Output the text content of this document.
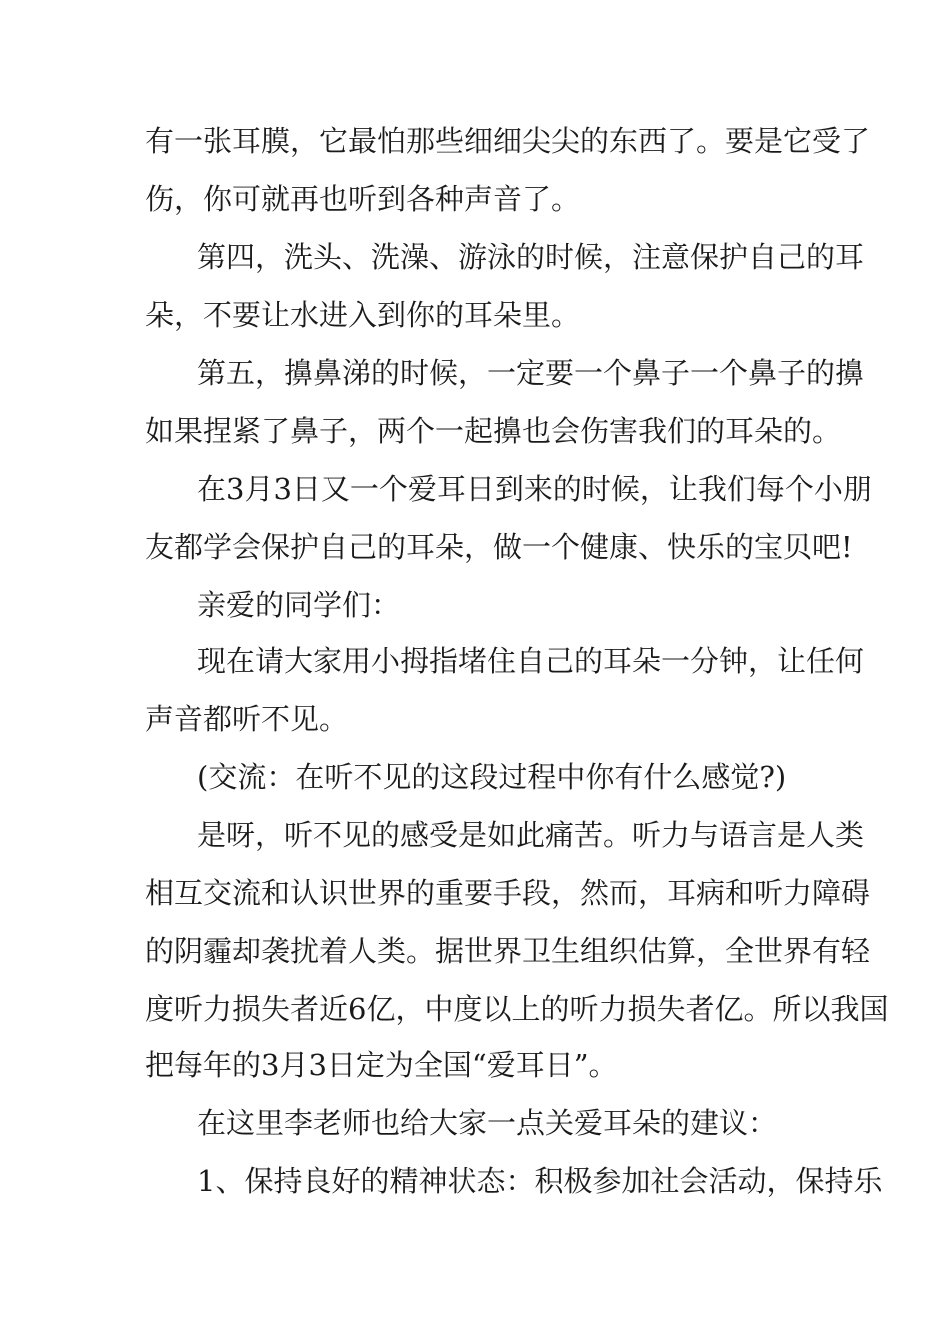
有一张耳膜，它最怕那些细细尖尖的东西了。要是它受了
伤，你可就再也听到各种声音了。
第四，洗头、洗澡、游泳的时候，注意保护自己的耳
朵，不要让水进入到你的耳朵里。
第五，擤鼻涕的时候，一定要一个鼻子一个鼻子的擤
如果捏紧了鼻子，两个一起擤也会伤害我们的耳朵的。
在3月3日又一个爱耳日到来的时候，让我们每个小朋
友都学会保护自己的耳朵，做一个健康、快乐的宝贝吧!
亲爱的同学们：
现在请大家用小拇指堵住自己的耳朵一分钟，让任何
声音都听不见。
(交流：在听不见的这段过程中你有什么感觉?)
是呀，听不见的感受是如此痛苦。听力与语言是人类
相互交流和认识世界的重要手段，然而，耳病和听力障碍
的阴霾却袭扰着人类。据世界卫生组织估算，全世界有轻
度听力损失者近6亿，中度以上的听力损失者亿。所以我国
把每年的3月3日定为全国“爱耳日”。
在这里李老师也给大家一点关爱耳朵的建议：
1、保持良好的精神状态：积极参加社会活动，保持乐
